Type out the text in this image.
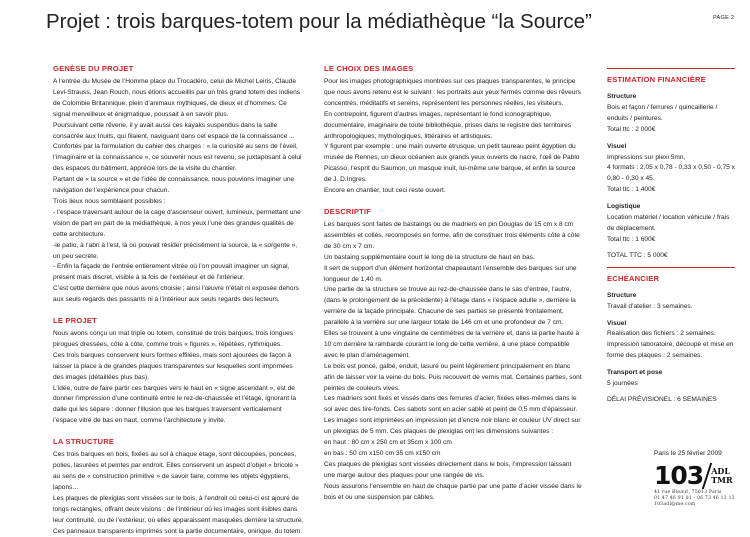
Projet : trois barques-totem pour la médiathèque “la Source”	PAGE 2
GENÈSE DU PROJET

A l’entrée du Musée de l’Homme place du Trocadéro, celui de Michel Leiris, Claude Levi-Strauss, Jean Rouch, nous étions accueillis par un très grand totem des indiens de Colombie Britannique, plein d’animaux mythiques, de dieux et d’hommes. Ce signal merveilleux et énigmatique, poussait à en savoir plus.

Poursuivant cette rêverie, il y avait aussi ces kayaks suspendus dans la salle consacrée aux Inuits, qui filaient, naviguant dans cet espace de la connaissance ...

Confortés par la formulation du cahier des charges : « la curiosité au sens de l’éveil, l’imaginaire et la connaissance », ce souvenir nous est revenu, se juxtaposant à celui des espaces du bâtiment, apprécié lors de la visite du chantier.

Partant de « la source » et de l’idée de connaissance, nous pouvions imaginer une navigation de l’expérience pour chacun.

Trois lieux nous semblaient possibles :

- l’espace traversant autour de la cage d’ascenseur ouvert, lumineux, permettant une vision de part en part de la médiathèque, à nos yeux l’une des grandes qualités de cette architecture.

-le patio, à l’abri à l’est, là où pouvait résider précisément la source, la « sorgente », un peu secrète.

- Enfin la façade de l’entrée entièrement vitrée où l’on pouvait imaginer un signal, présent mais discret, visible à la fois de l’extérieur et de l’intérieur.

C’est cette dernière que nous avons choisie ; ainsi l’œuvre n’était ni exposée dehors aux seuls regards des passants ni à l’intérieur aux seuls regards des lecteurs.

LE PROJET

Nous avons conçu un mat triple ou totem, constitué de trois barques, trois longues pirogues dressées, côte à côte, comme trois « figures », répétées, rythmiques.

Ces trois barques conservent leurs formes effilées, mais sont ajourées de façon à laisser la place à de grandes plaques transparentes sur lesquelles sont imprimées des images (détaillées plus bas).

L’idée, outre de faire partir ces barques vers le haut en « signe ascendant », est de donner l’impression d’une continuité entre le rez-de-chaussée et l’étage, ignorant la dalle qui les sépare : donner l’illusion que les barques traversent verticalement l’espace vitré de bas en haut, comme l’architecture y invite.

LA STRUCTURE

Ces trois barques en bois, fixées au sol à chaque étage, sont découpées, poncées, polies, lasurées et peintes par endroit. Elles conservent un aspect d’objet « bricolé » au sens de « construction primitive » de savoir faire, comme les objets égyptiens, lapons…

Les plaques de plexiglas sont vissées sur le bois, à l’endroit où celui-ci est ajouré de longs rectangles, offrant deux visions : de l’intérieur où les images sont lisibles dans leur continuité, ou de l’extérieur, où elles apparaissent masquées derrière la structure.

Ces panneaux transparents imprimés sont la partie documentaire, onirique, du totem.

LE CHOIX DES IMAGES

Pour les images photographiques montrées sur ces plaques transparentes, le principe que nous avons retenu est le suivant : les portraits aux yeux fermés comme des rêveurs concentrés, méditatifs et sereins, représentent les personnes réelles, les visiteurs.

En contrepoint, figurent d’autres images, représentant le fond iconographique, documentaire, imaginaire de toute bibliothèque, prises dans le registre des territoires anthropologiques, mythologiques, littéraires et artistiques.

Y figurent par exemple : une main ouverte étrusque, un petit taureau peint égyptien du musée de Rennes, un dieux océanien aux grands yeux ouverts de nacre, l’œil de Pablo Picasso, l’esprit du Saumon, un masque inuit, lui-même une barque, et enfin la source de J. D.Ingres.

Encore en chantier, tout ceci reste ouvert.

DESCRIPTIF

Les barques sont faites de bastaings ou de madriers en pin Douglas de 15 cm x 8 cm assemblés et collés, recomposés en forme, afin de constituer trois éléments côte à côte de 30 cm x 7 cm.

Un bastaing supplémentaire court le long de la structure de haut en bas.

Il sert de support d’un élément horizontal chapeautant l’ensemble des barques sur une longueur de 1,40 m.

Une partie de la structure se trouve au rez-de-chaussée dans le sas d’entrée, l’autre, (dans le prolongement de la précédente) à l’étage dans « l’espace adulte », derrière la verrière de la façade principale. Chacune de ses parties se présente frontalement, parallèle à la verrière sur une largeur totale de 146 cm et une profondeur de 7 cm.

Elles se trouvent à une vingtaine de centimètres de la verrière et, dans la partie haute à 10 cm derrière la rambarde courant le long de cette verrière, à une place compatible avec le plan d’aménagement.

Le bois est poncé, galbé, enduit, lasuré ou peint légèrement principalement en blanc afin de laisser voir la veine du bois. Puis recouvert de vernis mat. Certaines parties, sont peintes de couleurs vives.

Les madriers sont fixés et vissés dans des ferrures d’acier, fixées elles-mêmes dans le sol avec des tire-fonds. Ces sabots sont en acier sablé et peint de 0,5 mm d’épaisseur.

Les images sont imprimées en impression jet d’encre noir blanc et couleur UV direct sur un plexiglas de 5 mm. Ces plaques de plexiglas ont les dimensions suivantes :

en haut : 80 cm x 250 cm et 35cm x 100 cm

en bas : 50 cm x150 cm 35 cm x150 cm

Ces plaques de plexiglas sont vissées directement dans le bois, l’impression laissant une marge autour des plaques pour une rangée de vis.

Nous assurons l’ensemble en haut de chaque partie par une patte d’acier vissée dans le bois et ou une suspension par câbles.

ESTIMATION FINANCIÈRE
Structure

Bois et façon / ferrures / quincaillerie / enduits / peintures.

Total ttc : 2 000€

Visuel

Impressions sur plexi 5mn,

4 formats : 2,05 x 0,78 - 0,33 x 0,50 - 0,75 x 0,80 - 0,30 x 45.

Total ttc : 1 400€

Logistique

Location matériel / location véhicule / frais de déplacement.

Total ttc : 1 600€

TOTAL TTC : 5 000€

ECHÉANCIER
Structure

Travail d’atelier : 3 semaines.

Visuel

Réalisation des fichiers : 2 semaines.

Impression laboratoire, découpe et mise en forme des plaques : 2 semaines.

Transport et pose

5 journées

DÉLAI PRÉVISIONEL : 6 SEMAINES

Paris le 25 février 2009
103 ADL
TMR
41 rue Bleaut, 75013 Paris
01 47 46 91 01 - 06 73 46 13 13
103adl@me.com
